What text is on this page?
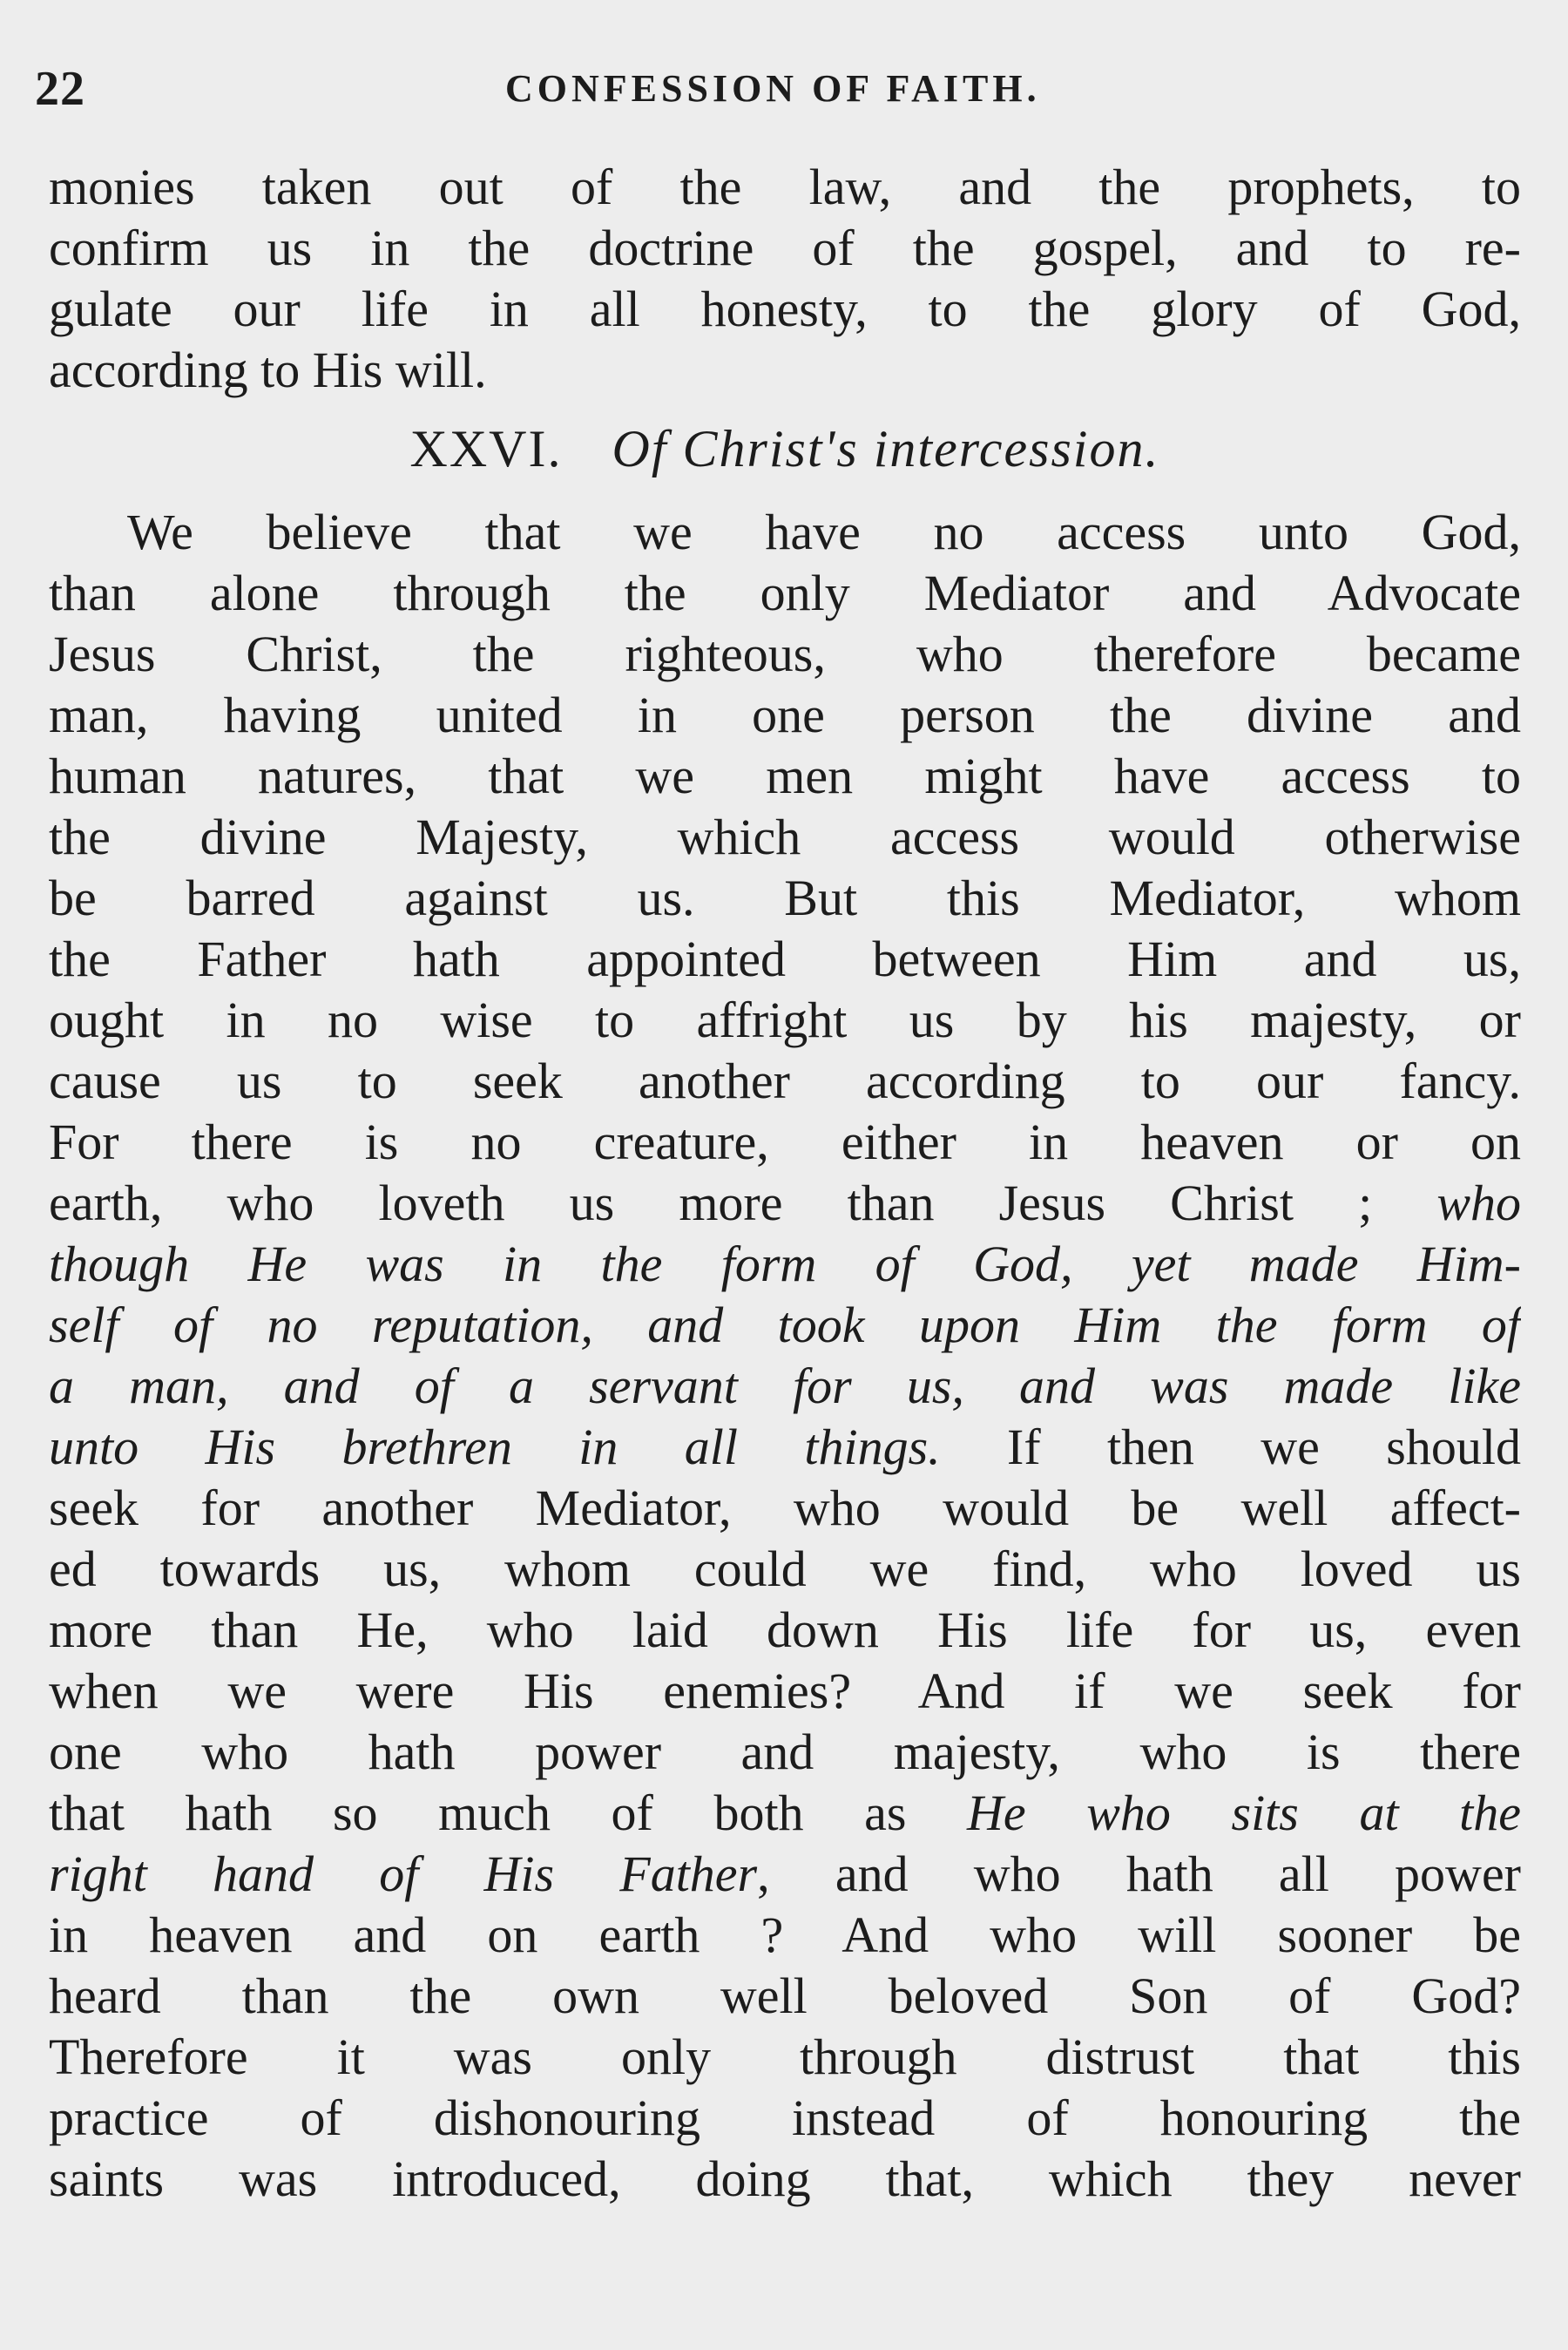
22	CONFESSION OF FAITH.
monies taken out of the law, and the prophets, to
confirm us in the doctrine of the gospel, and to re-
gulate our life in all honesty, to the glory of God,
according to His will.
XXVI. Of Christ's intercession.
We believe that we have no access unto God,
than alone through the only Mediator and Advocate
Jesus Christ, the righteous, who therefore became
man, having united in one person the divine and
human natures, that we men might have access to
the divine Majesty, which access would otherwise
be barred against us. But this Mediator, whom
the Father hath appointed between Him and us,
ought in no wise to affright us by his majesty, or
cause us to seek another according to our fancy.
For there is no creature, either in heaven or on
earth, who loveth us more than Jesus Christ ; who
though He was in the form of God, yet made Him-
self of no reputation, and took upon Him the form of
a man, and of a servant for us, and was made like
unto His brethren in all things. If then we should
seek for another Mediator, who would be well affect-
ed towards us, whom could we find, who loved us
more than He, who laid down His life for us, even
when we were His enemies? And if we seek for
one who hath power and majesty, who is there
that hath so much of both as He who sits at the
right hand of His Father, and who hath all power
in heaven and on earth ? And who will sooner be
heard than the own well beloved Son of God?
Therefore it was only through distrust that this
practice of dishonouring instead of honouring the
saints was introduced, doing that, which they never
